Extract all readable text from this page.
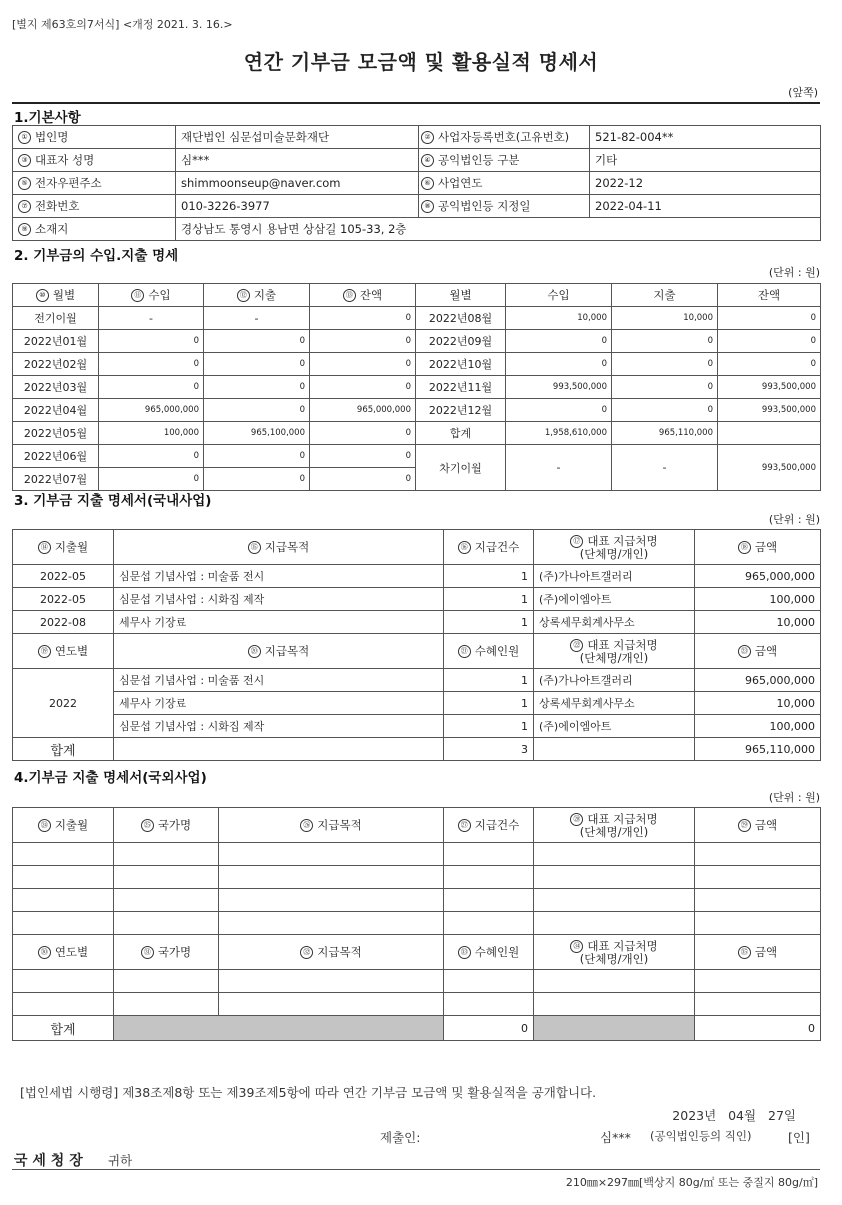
[별지 제63호의7서식] <개정 2021. 3. 16.>
연간 기부금 모금액 및 활용실적 명세서
(앞쪽)
1.기본사항
① 법인명	재단법인 심문섭미술문화재단	② 사업자등록번호(고유번호)	521-82-004**
③ 대표자 성명	심***	④ 공익법인등 구분	기타
⑤ 전자우편주소	shimmoonseup@naver.com	⑥ 사업연도	2022-12
⑦ 전화번호	010-3226-3977	⑧ 공익법인등 지정일	2022-04-11
⑨ 소재지	경상남도 통영시 용남면 상삼길 105-33, 2층		
2. 기부금의 수입.지출 명세
(단위 : 원)
⑩ 월별	⑪ 수입	⑫ 지출	⑬ 잔액	월별	수입	지출	잔액
전기이월	-	-	0	2022년08월	10,000	10,000	0
2022년01월	0	0	0	2022년09월	0	0	0
2022년02월	0	0	0	2022년10월	0	0	0
2022년03월	0	0	0	2022년11월	993,500,000	0	993,500,000
2022년04월	965,000,000	0	965,000,000	2022년12월	0	0	993,500,000
2022년05월	100,000	965,100,000	0	합계	1,958,610,000	965,110,000	
2022년06월	0	0	0	차기이월	-	-	993,500,000
2022년07월	0	0	0				
3. 기부금 지출 명세서(국내사업)
(단위 : 원)
⑭ 지출월	⑮ 지급목적	⑯ 지급건수	⑰ 대표 지급처명
(단체명/개인)	⑱ 금액
2022-05	심문섭 기념사업 : 미술품 전시	1	(주)가나아트갤러리	965,000,000
2022-05	심문섭 기념사업 : 시화집 제작	1	(주)에이엠아트	100,000
2022-08	세무사 기장료	1	상록세무회계사무소	10,000
⑲ 연도별	⑳ 지급목적	㉑ 수혜인원	㉒ 대표 지급처명
(단체명/개인)	㉓ 금액
2022	심문섭 기념사업 : 미술품 전시	1	(주)가나아트갤러리	965,000,000
	세무사 기장료	1	상록세무회계사무소	10,000
	심문섭 기념사업 : 시화집 제작	1	(주)에이엠아트	100,000
합계		3		965,110,000
4.기부금 지출 명세서(국외사업)
(단위 : 원)
㉔ 지출월	㉕ 국가명	㉖ 지급목적	㉗ 지급건수	㉘ 대표 지급처명
(단체명/개인)	㉙ 금액

㉚ 연도별	㉛ 국가명	㉜ 지급목적	㉝ 수혜인원	㉞ 대표 지급처명
(단체명/개인)	㉟ 금액

합계			0		0
[법인세법 시행령] 제38조제8항 또는 제39조제5항에 따라 연간 기부금 모금액 및 활용실적을 공개합니다.
2023년   04월   27일
제출인:	심*** (공익법인등의 직인)	[인]
국 세 청 장 귀하
210㎜×297㎜[백상지 80g/㎡ 또는 중질지 80g/㎡]
